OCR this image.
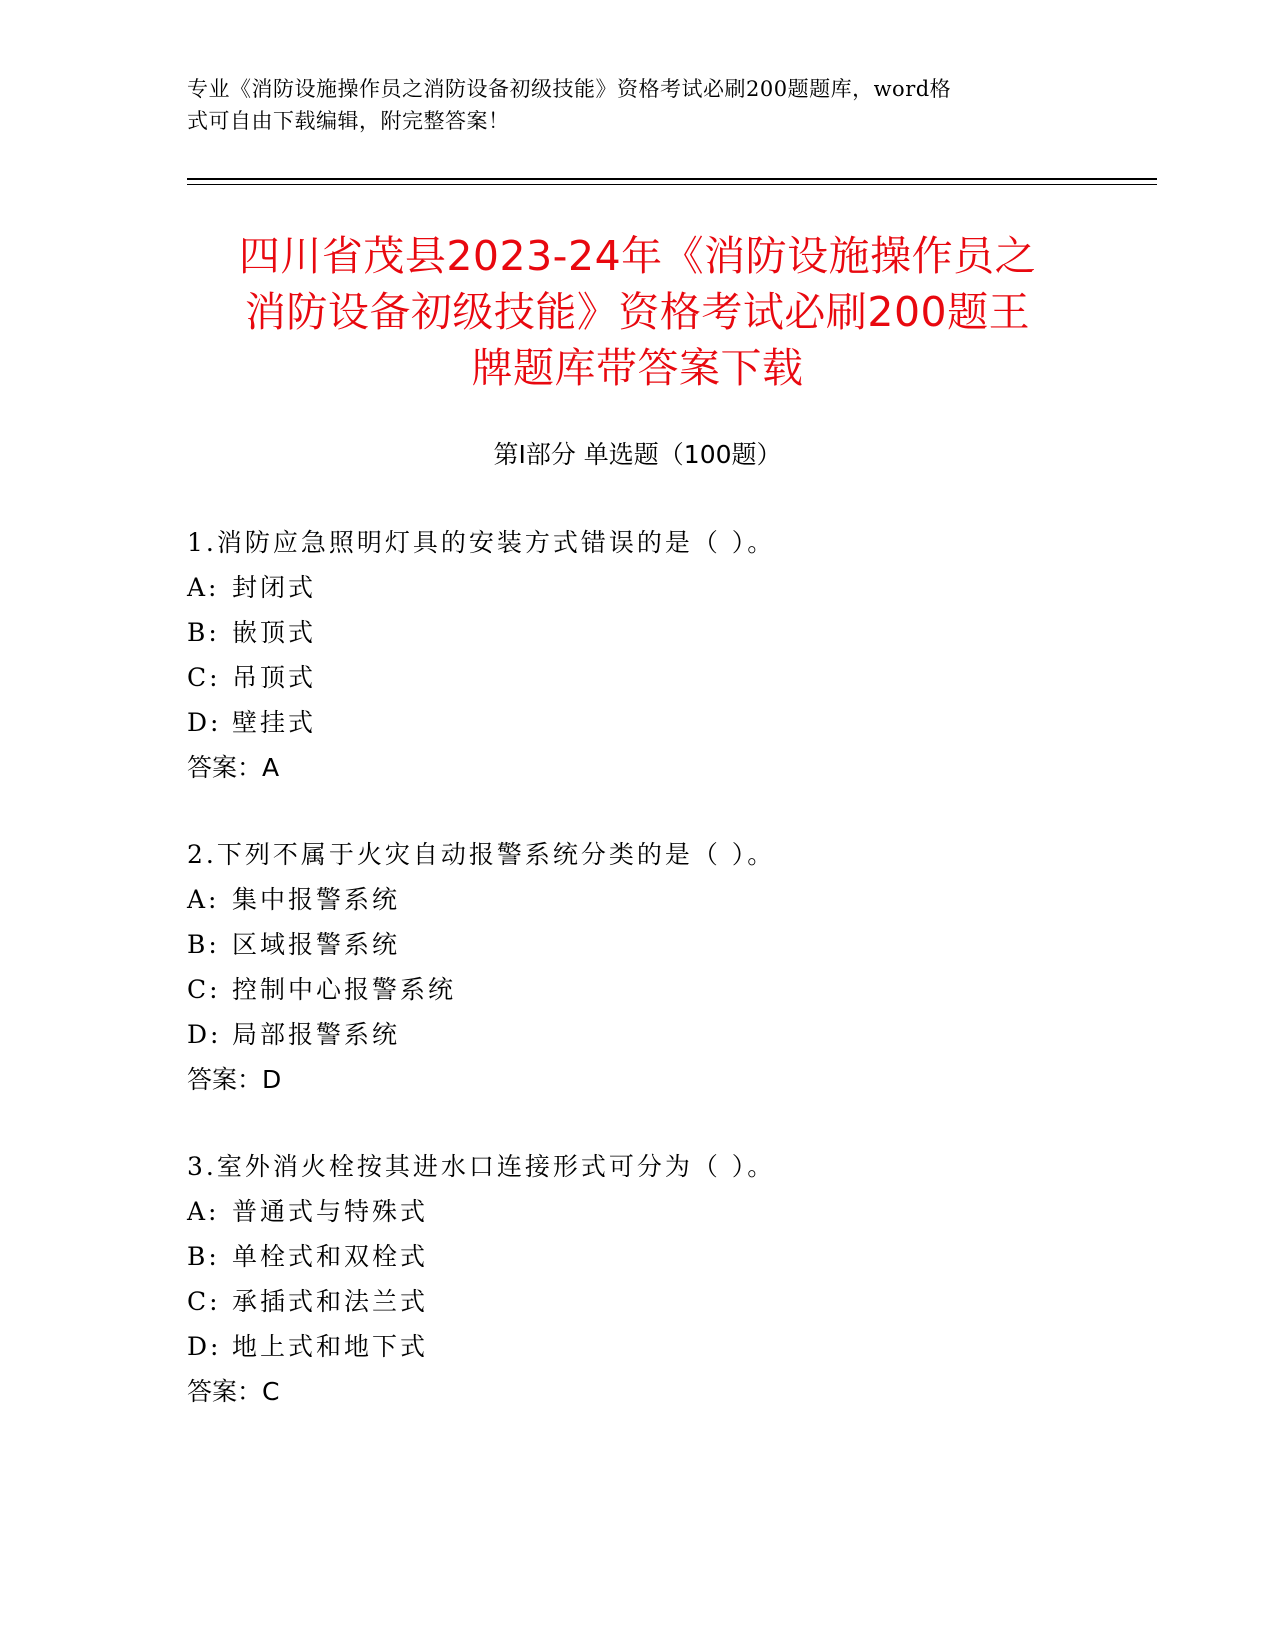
专业《消防设施操作员之消防设备初级技能》资格考试必刷200题题库，word格
式可自由下载编辑，附完整答案！
四川省茂县2023-24年《消防设施操作员之
消防设备初级技能》资格考试必刷200题王
牌题库带答案下载
第Ⅰ部分 单选题（100题）
1.消防应急照明灯具的安装方式错误的是（ ）。
A: 封闭式
B: 嵌顶式
C: 吊顶式
D: 壁挂式
答案：A
2.下列不属于火灾自动报警系统分类的是（ ）。
A: 集中报警系统
B: 区域报警系统
C: 控制中心报警系统
D: 局部报警系统
答案：D
3.室外消火栓按其进水口连接形式可分为（ ）。
A: 普通式与特殊式
B: 单栓式和双栓式
C: 承插式和法兰式
D: 地上式和地下式
答案：C
